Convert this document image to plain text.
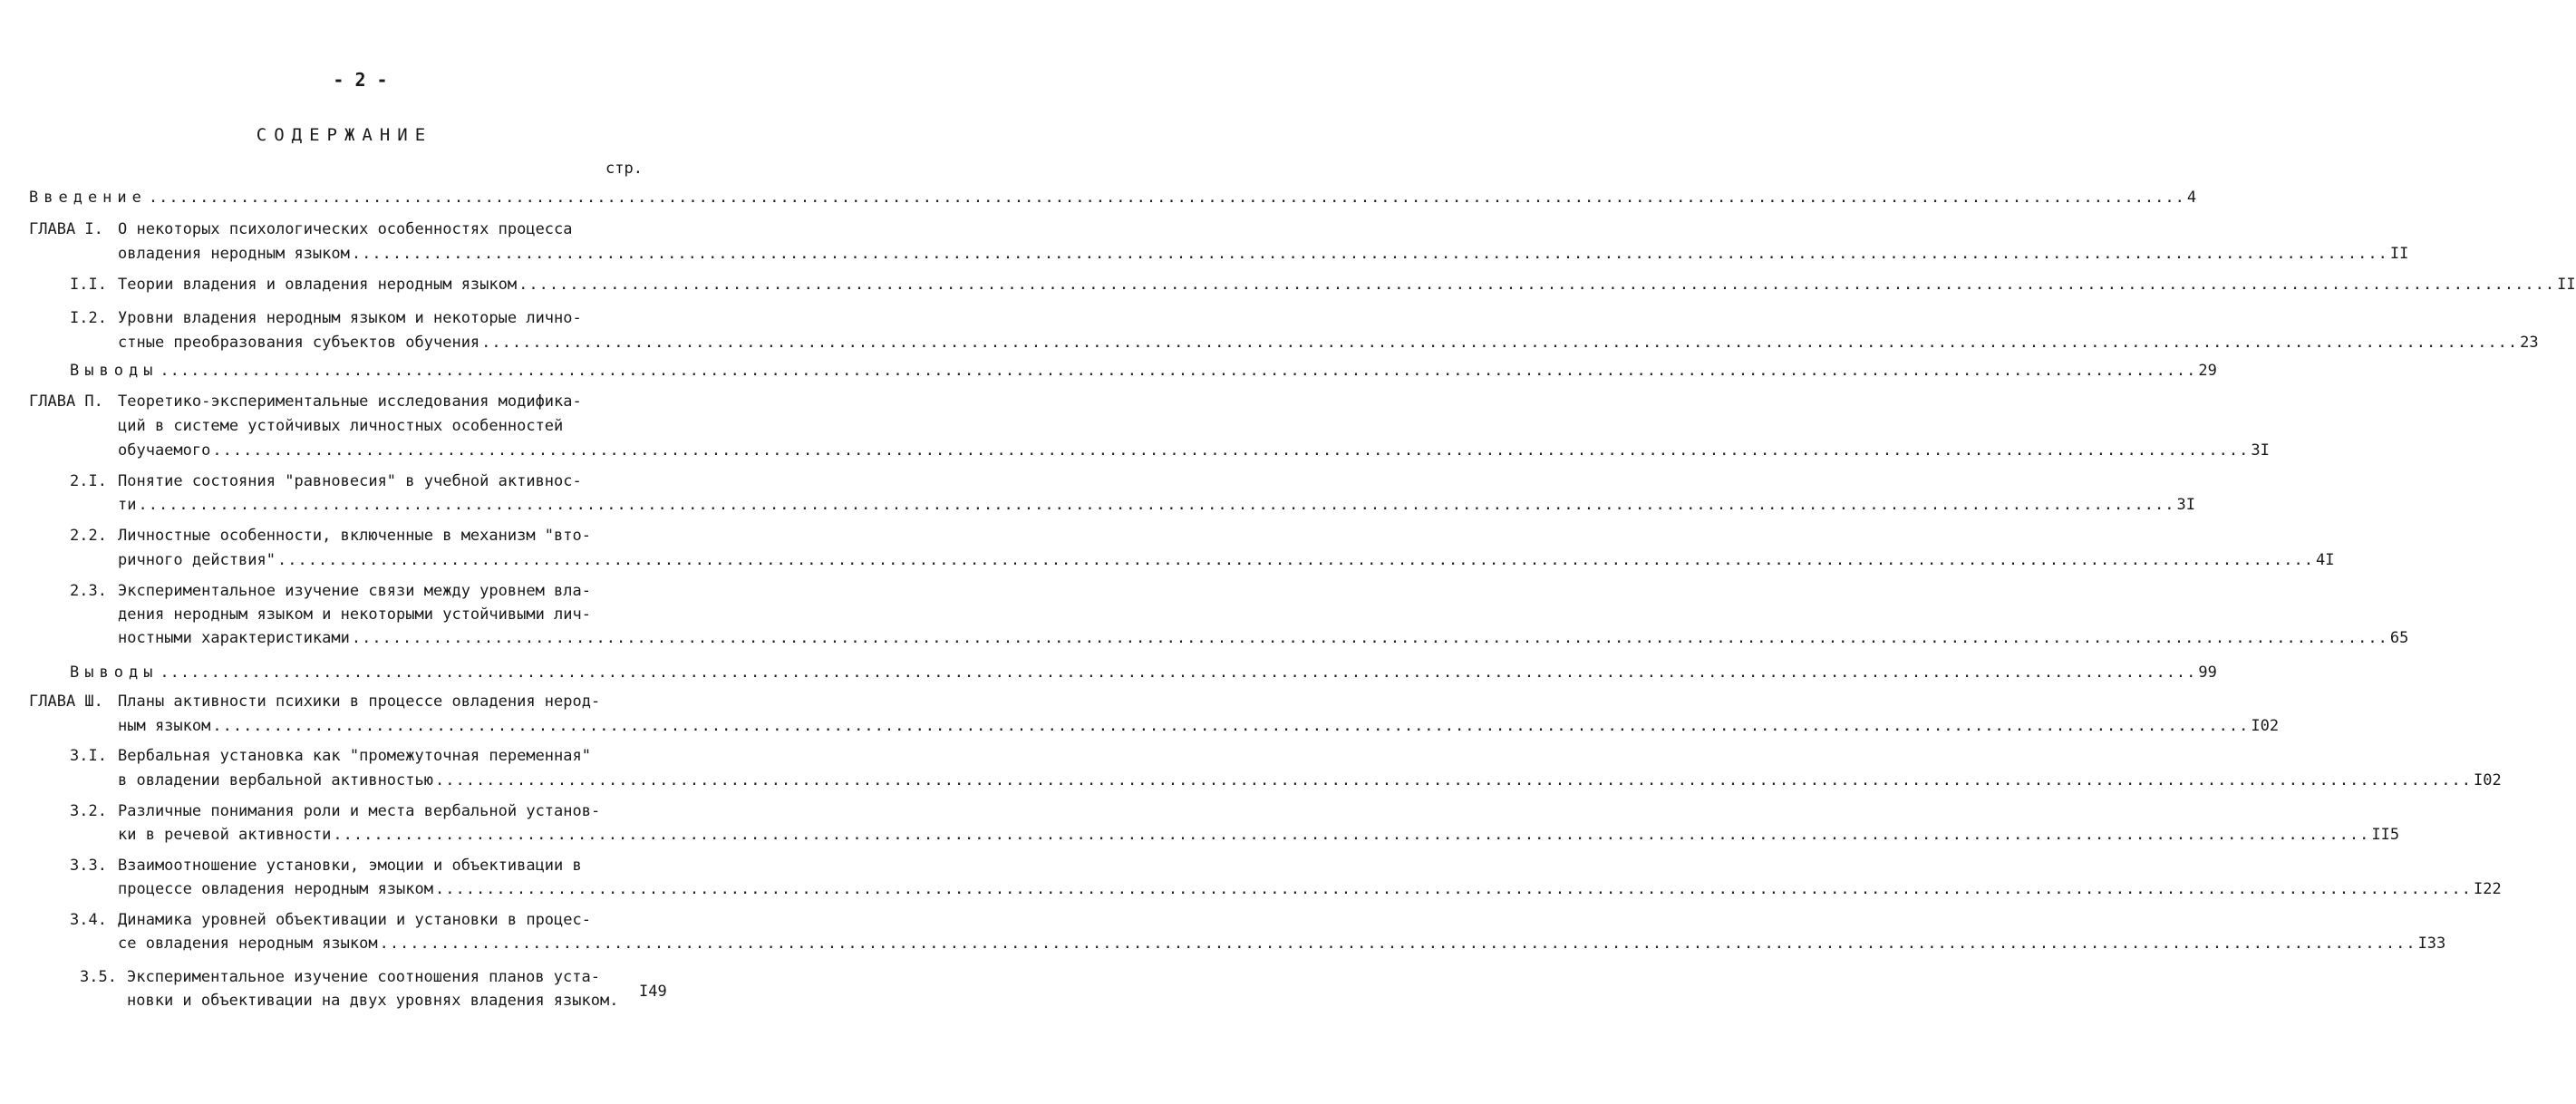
- 2 -
СОДЕРЖАНИЕ
стр.
Введение ........................................................................................................................................................................................................ 4
ГЛАВА I. О некоторых психологических особенностях процесса
овладения неродным языком ........................................................................................................................................................................................................ II
I.I. Теории владения и овладения неродным языком ........................................................................................................................................................................................................ II
I.2. Уровни владения неродным языком и некоторые лично-
стные преобразования субъектов обучения ........................................................................................................................................................................................................ 23
Выводы ........................................................................................................................................................................................................ 29
ГЛАВА П. Теоретико-экспериментальные исследования модифика-
ций в системе устойчивых личностных особенностей
обучаемого ........................................................................................................................................................................................................ 3I
2.I. Понятие состояния "равновесия" в учебной активнос-
ти ........................................................................................................................................................................................................ 3I
2.2. Личностные особенности, включенные в механизм "вто-
ричного действия" ........................................................................................................................................................................................................ 4I
2.3. Экспериментальное изучение связи между уровнем вла-
дения неродным языком и некоторыми устойчивыми лич-
ностными характеристиками ........................................................................................................................................................................................................ 65
Выводы ........................................................................................................................................................................................................ 99
ГЛАВА Ш. Планы активности психики в процессе овладения нерод-
ным языком ........................................................................................................................................................................................................ I02
3.I. Вербальная установка как "промежуточная переменная"
в овладении вербальной активностью ........................................................................................................................................................................................................ I02
3.2. Различные понимания роли и места вербальной установ-
ки в речевой активности ........................................................................................................................................................................................................ II5
3.3. Взаимоотношение установки, эмоции и объективации в
процессе овладения неродным языком ........................................................................................................................................................................................................ I22
3.4. Динамика уровней объективации и установки в процес-
се овладения неродным языком ........................................................................................................................................................................................................ I33
3.5. Экспериментальное изучение соотношения планов уста-
новки и объективации на двух уровнях владения языком. I49
